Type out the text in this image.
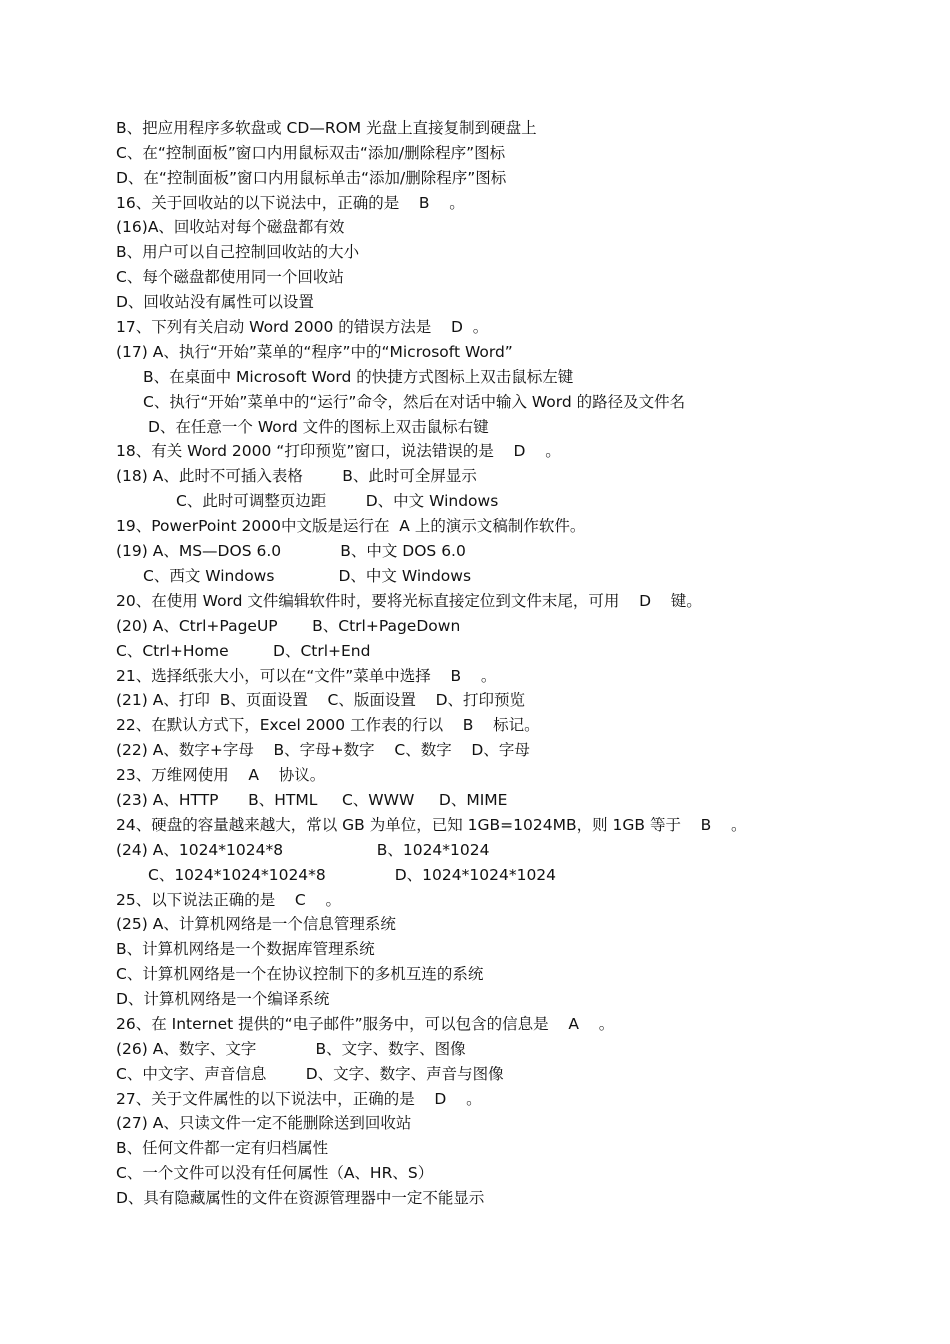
B、把应用程序多软盘或 CD—ROM 光盘上直接复制到硬盘上
C、在“控制面板”窗口内用鼠标双击“添加/删除程序”图标
D、在“控制面板”窗口内用鼠标单击“添加/删除程序”图标
16、关于回收站的以下说法中，正确的是    B    。
(16)A、回收站对每个磁盘都有效
B、用户可以自己控制回收站的大小
C、每个磁盘都使用同一个回收站
D、回收站没有属性可以设置
17、下列有关启动 Word 2000 的错误方法是    D  。
(17) A、执行“开始”菜单的“程序”中的“Microsoft Word”
B、在桌面中 Microsoft Word 的快捷方式图标上双击鼠标左键
C、执行“开始”菜单中的“运行”命令，然后在对话中输入 Word 的路径及文件名
D、在任意一个 Word 文件的图标上双击鼠标右键
18、有关 Word 2000 “打印预览”窗口，说法错误的是    D    。
(18) A、此时不可插入表格        B、此时可全屏显示
C、此时可调整页边距        D、中文 Windows
19、PowerPoint 2000中文版是运行在  A 上的演示文稿制作软件。
(19) A、MS—DOS 6.0            B、中文 DOS 6.0
C、西文 Windows             D、中文 Windows
20、在使用 Word 文件编辑软件时，要将光标直接定位到文件末尾，可用    D    键。
(20) A、Ctrl+PageUP       B、Ctrl+PageDown
C、Ctrl+Home         D、Ctrl+End
21、选择纸张大小，可以在“文件”菜单中选择    B    。
(21) A、打印  B、页面设置    C、版面设置    D、打印预览
22、在默认方式下，Excel 2000 工作表的行以    B    标记。
(22) A、数字+字母    B、字母+数字    C、数字    D、字母
23、万维网使用    A    协议。
(23) A、HTTP      B、HTML     C、WWW     D、MIME
24、硬盘的容量越来越大，常以 GB 为单位，已知 1GB=1024MB，则 1GB 等于    B    。
(24) A、1024*1024*8                   B、1024*1024
C、1024*1024*1024*8              D、1024*1024*1024
25、以下说法正确的是    C    。
(25) A、计算机网络是一个信息管理系统
B、计算机网络是一个数据库管理系统
C、计算机网络是一个在协议控制下的多机互连的系统
D、计算机网络是一个编译系统
26、在 Internet 提供的“电子邮件”服务中，可以包含的信息是    A    。
(26) A、数字、文字            B、文字、数字、图像
C、中文字、声音信息        D、文字、数字、声音与图像
27、关于文件属性的以下说法中，正确的是    D    。
(27) A、只读文件一定不能删除送到回收站
B、任何文件都一定有归档属性
C、一个文件可以没有任何属性（A、HR、S）
D、具有隐藏属性的文件在资源管理器中一定不能显示
